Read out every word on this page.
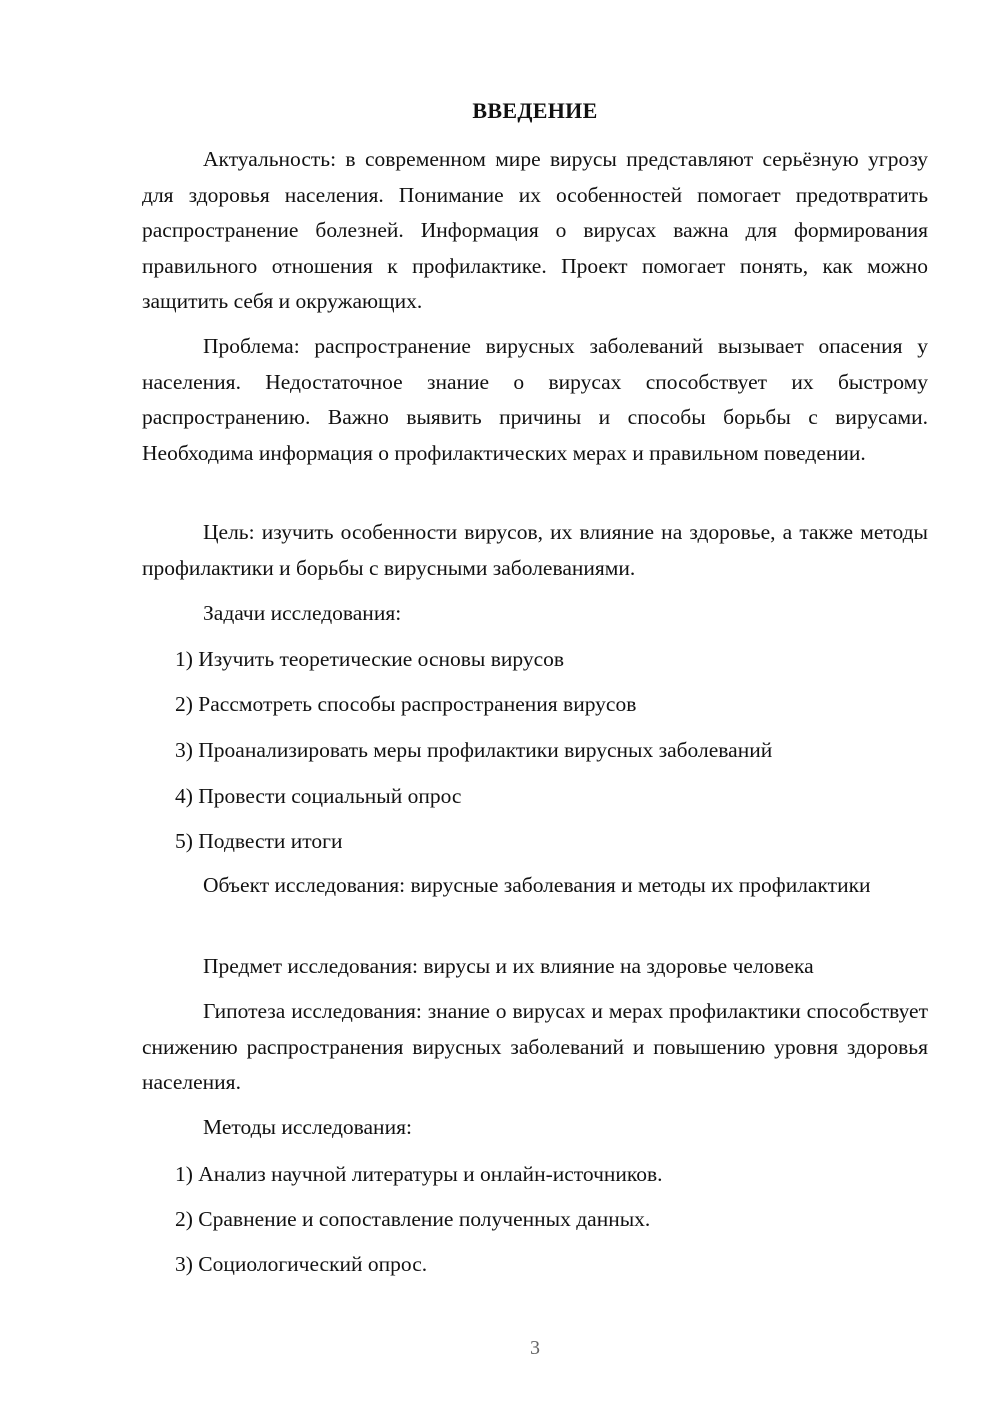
ВВЕДЕНИЕ

Актуальность: в современном мире вирусы представляют серьёзную угрозу для здоровья населения. Понимание их особенностей помогает предотвратить распространение болезней. Информация о вирусах важна для формирования правильного отношения к профилактике. Проект помогает понять, как можно защитить себя и окружающих.

Проблема: распространение вирусных заболеваний вызывает опасения у населения. Недостаточное знание о вирусах способствует их быстрому распространению. Важно выявить причины и способы борьбы с вирусами. Необходима информация о профилактических мерах и правильном поведении.

Цель: изучить особенности вирусов, их влияние на здоровье, а также методы профилактики и борьбы с вирусными заболеваниями.

Задачи исследования:

1) Изучить теоретические основы вирусов

2) Рассмотреть способы распространения вирусов

3) Проанализировать меры профилактики вирусных заболеваний

4) Провести социальный опрос

5) Подвести итоги

Объект исследования: вирусные заболевания и методы их профилактики

Предмет исследования: вирусы и их влияние на здоровье человека

Гипотеза исследования: знание о вирусах и мерах профилактики способствует снижению распространения вирусных заболеваний и повышению уровня здоровья населения.

Методы исследования:

1) Анализ научной литературы и онлайн-источников.

2) Сравнение и сопоставление полученных данных.

3) Социологический опрос.

3
